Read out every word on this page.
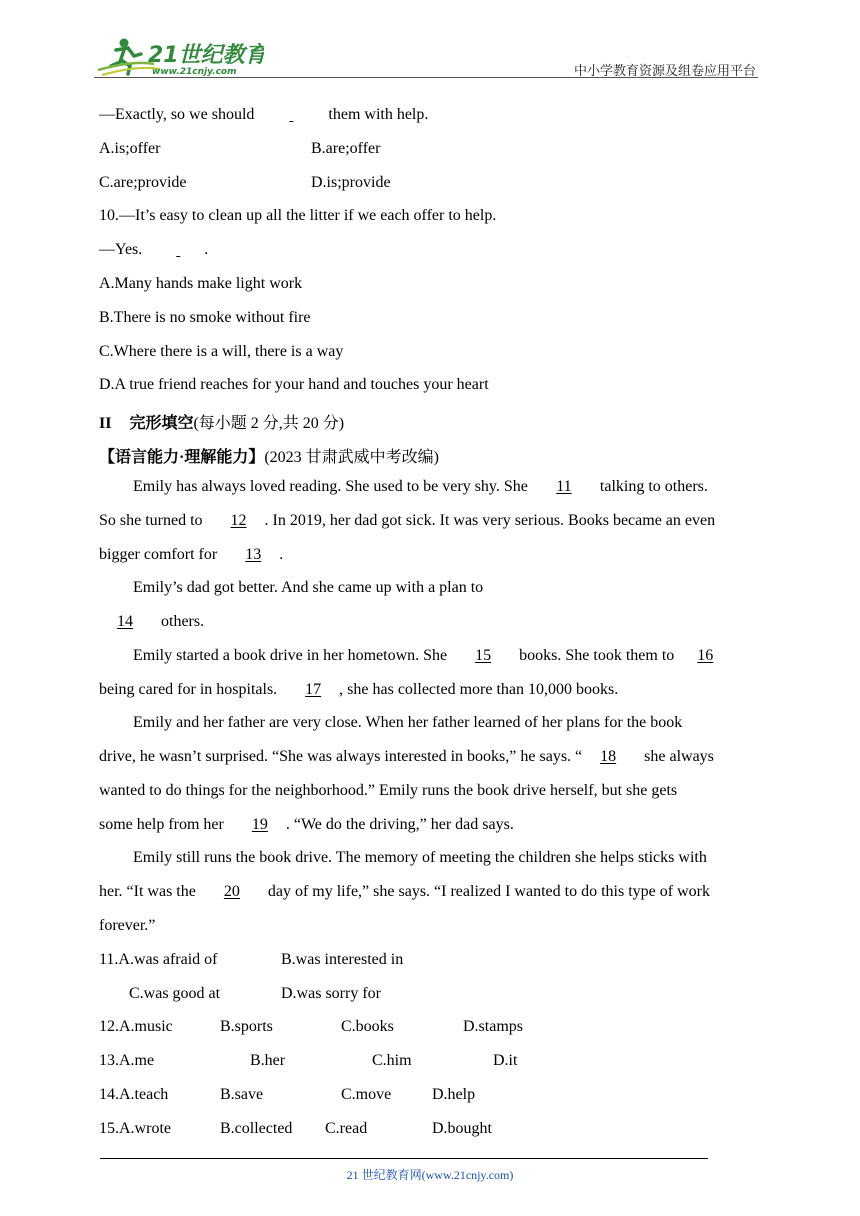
21世纪教育
www.21cnjy.com	中小学教育资源及组卷应用平台
—Exactly, so we should	them with help.
A.is;offer	B.are;offer
C.are;provide	D.is;provide
10.—It’s easy to clean up all the litter if we each offer to help.
—Yes.	.
A.Many hands make light work
B.There is no smoke without fire
C.Where there is a will, there is a way
D.A true friend reaches for your hand and touches your heart
II 完形填空(每小题 2 分,共 20 分)
【语言能力·理解能力】(2023 甘肃武威中考改编)
Emily has always loved reading. She used to be very shy. She 11 talking to others.
So she turned to 12 . In 2019, her dad got sick. It was very serious. Books became an even
bigger comfort for 13 .
Emily’s dad got better. And she came up with a plan to
14 others.
Emily started a book drive in her hometown. She 15 books. She took them to 16
being cared for in hospitals. 17 , she has collected more than 10,000 books.
Emily and her father are very close. When her father learned of her plans for the book
drive, he wasn’t surprised. “She was always interested in books,” he says. “ 18 she always
wanted to do things for the neighborhood.” Emily runs the book drive herself, but she gets
some help from her 19 . “We do the driving,” her dad says.
Emily still runs the book drive. The memory of meeting the children she helps sticks with
her. “It was the 20 day of my life,” she says. “I realized I wanted to do this type of work
forever.”
11.A.was afraid of	B.was interested in
C.was good at	D.was sorry for
12.A.music	B.sports	C.books	D.stamps
13.A.me	B.her	C.him	D.it
14.A.teach	B.save	C.move	D.help
15.A.wrote	B.collected C.read	D.bought
21 世纪教育网(www.21cnjy.com)
